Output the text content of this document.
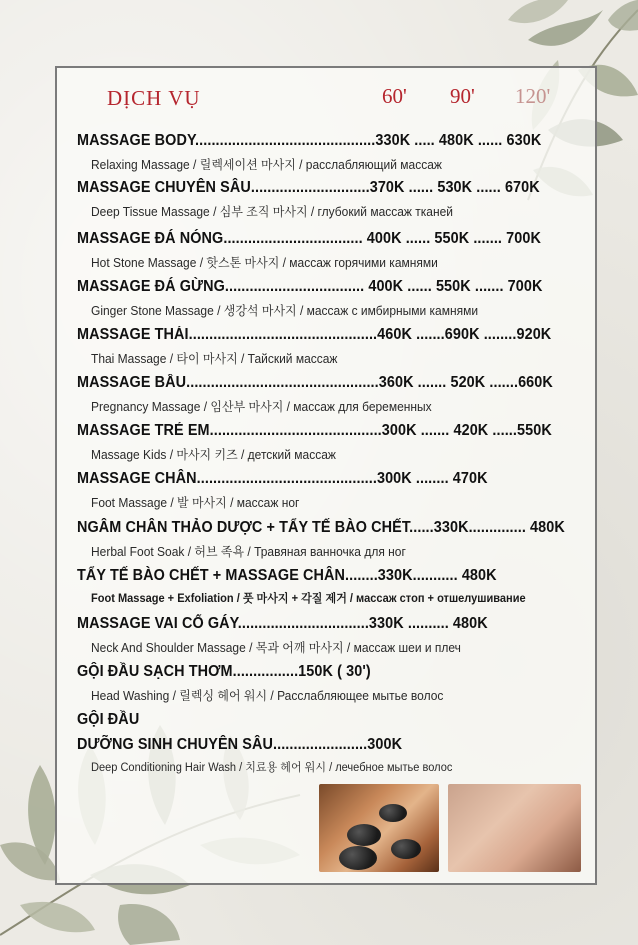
DỊCH VỤ	60' 90' 120'
MASSAGE BODY............................................330K ..... 480K ...... 630K
Relaxing Massage / 릴렉세이션 마사지 / расслабляющий массаж
MASSAGE CHUYÊN SÂU.............................370K ...... 530K ...... 670K
Deep Tissue Massage / 심부 조직 마사지 / глубокий массаж тканей
MASSAGE ĐÁ NÓNG.................................. 400K ...... 550K ....... 700K
Hot Stone Massage / 핫스톤 마사지 / массаж горячими камнями
MASSAGE ĐÁ GỪNG.................................. 400K ...... 550K ....... 700K
Ginger Stone Massage / 생강석 마사지 / массаж с имбирными камнями
MASSAGE THÁI..............................................460K .......690K ........920K
Thai Massage / 타이 마사지 / Тайский массаж
MASSAGE BẦU...............................................360K ....... 520K .......660K
Pregnancy Massage / 임산부 마사지 / массаж для беременных
MASSAGE TRẺ EM..........................................300K ....... 420K ......550K
Massage Kids / 마사지 키즈 / детский массаж
MASSAGE CHÂN............................................300K ........ 470K
Foot Massage / 발 마사지 / массаж ног
NGÂM CHÂN THẢO DƯỢC + TẨY TẾ BÀO CHẾT......330K.............. 480K
Herbal Foot Soak / 허브 족욕 / Травяная ванночка для ног
TẨY TẾ BÀO CHẾT + MASSAGE CHÂN........330K........... 480K
Foot Massage + Exfoliation / 풋 마사지 + 각질 제거 / массаж стоп + отшелушивание
MASSAGE VAI CỔ GÁY................................330K .......... 480K
Neck And Shoulder Massage / 목과 어깨 마사지 / массаж шеи и плеч
GỘI ĐẦU SẠCH THƠM................150K ( 30')
Head Washing / 릴렉싱 헤어 워시 / Расслабляющее мытье волос
GỘI ĐẦU
DƯỠNG SINH CHUYÊN SÂU.......................300K
Deep Conditioning Hair Wash / 치료용 헤어 워시 / лечебное мытье волос
